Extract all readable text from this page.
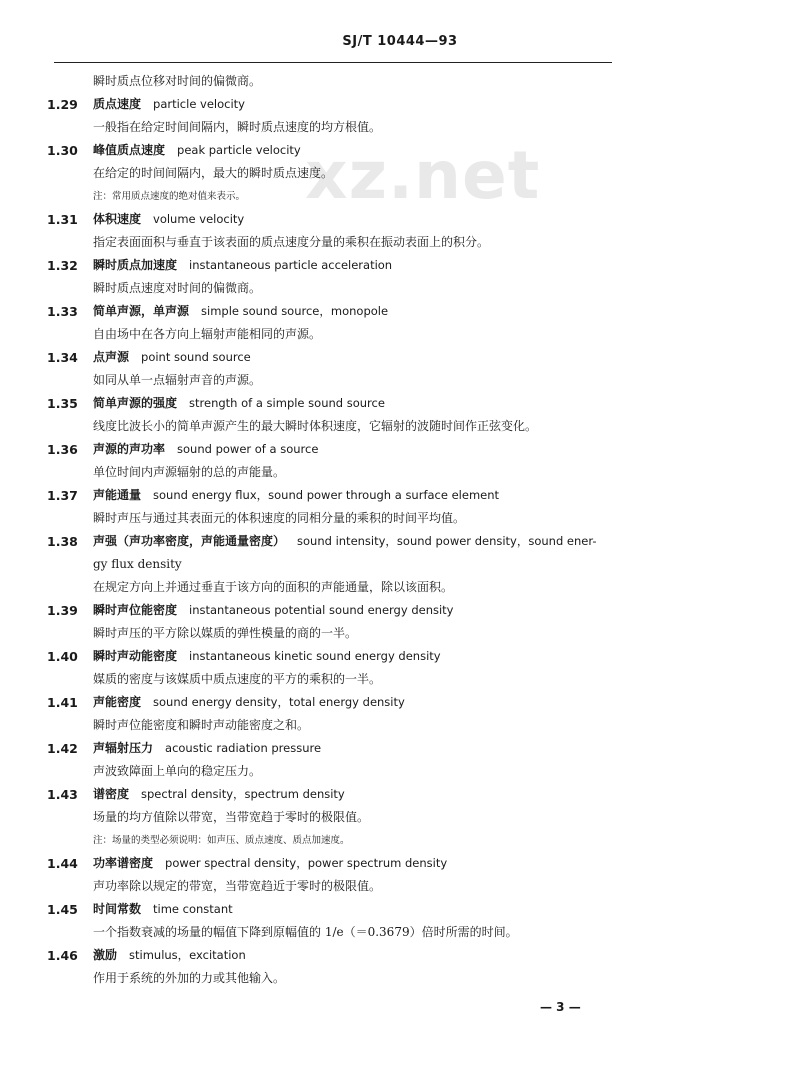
SJ/T 10444—93
xz.net
瞬时质点位移对时间的偏微商。
1.29 质点速度 particle velocity
一般指在给定时间间隔内，瞬时质点速度的均方根值。
1.30 峰值质点速度 peak particle velocity
在给定的时间间隔内，最大的瞬时质点速度。
注：常用质点速度的绝对值来表示。
1.31 体积速度 volume velocity
指定表面面积与垂直于该表面的质点速度分量的乘积在振动表面上的积分。
1.32 瞬时质点加速度 instantaneous particle acceleration
瞬时质点速度对时间的偏微商。
1.33 简单声源，单声源 simple sound source，monopole
自由场中在各方向上辐射声能相同的声源。
1.34 点声源 point sound source
如同从单一点辐射声音的声源。
1.35 简单声源的强度 strength of a simple sound source
线度比波长小的简单声源产生的最大瞬时体积速度，它辐射的波随时间作正弦变化。
1.36 声源的声功率 sound power of a source
单位时间内声源辐射的总的声能量。
1.37 声能通量 sound energy flux，sound power through a surface element
瞬时声压与通过其表面元的体积速度的同相分量的乘积的时间平均值。
1.38 声强（声功率密度，声能通量密度） sound intensity，sound power density，sound ener-
gy flux density
在规定方向上并通过垂直于该方向的面积的声能通量，除以该面积。
1.39 瞬时声位能密度 instantaneous potential sound energy density
瞬时声压的平方除以媒质的弹性模量的商的一半。
1.40 瞬时声动能密度 instantaneous kinetic sound energy density
媒质的密度与该媒质中质点速度的平方的乘积的一半。
1.41 声能密度 sound energy density，total energy density
瞬时声位能密度和瞬时声动能密度之和。
1.42 声辐射压力 acoustic radiation pressure
声波致障面上单向的稳定压力。
1.43 谱密度 spectral density，spectrum density
场量的均方值除以带宽，当带宽趋于零时的极限值。
注：场量的类型必须说明：如声压、质点速度、质点加速度。
1.44 功率谱密度 power spectral density，power spectrum density
声功率除以规定的带宽，当带宽趋近于零时的极限值。
1.45 时间常数 time constant
一个指数衰减的场量的幅值下降到原幅值的 1/e（＝0.3679）倍时所需的时间。
1.46 激励 stimulus，excitation
作用于系统的外加的力或其他输入。
— 3 —
